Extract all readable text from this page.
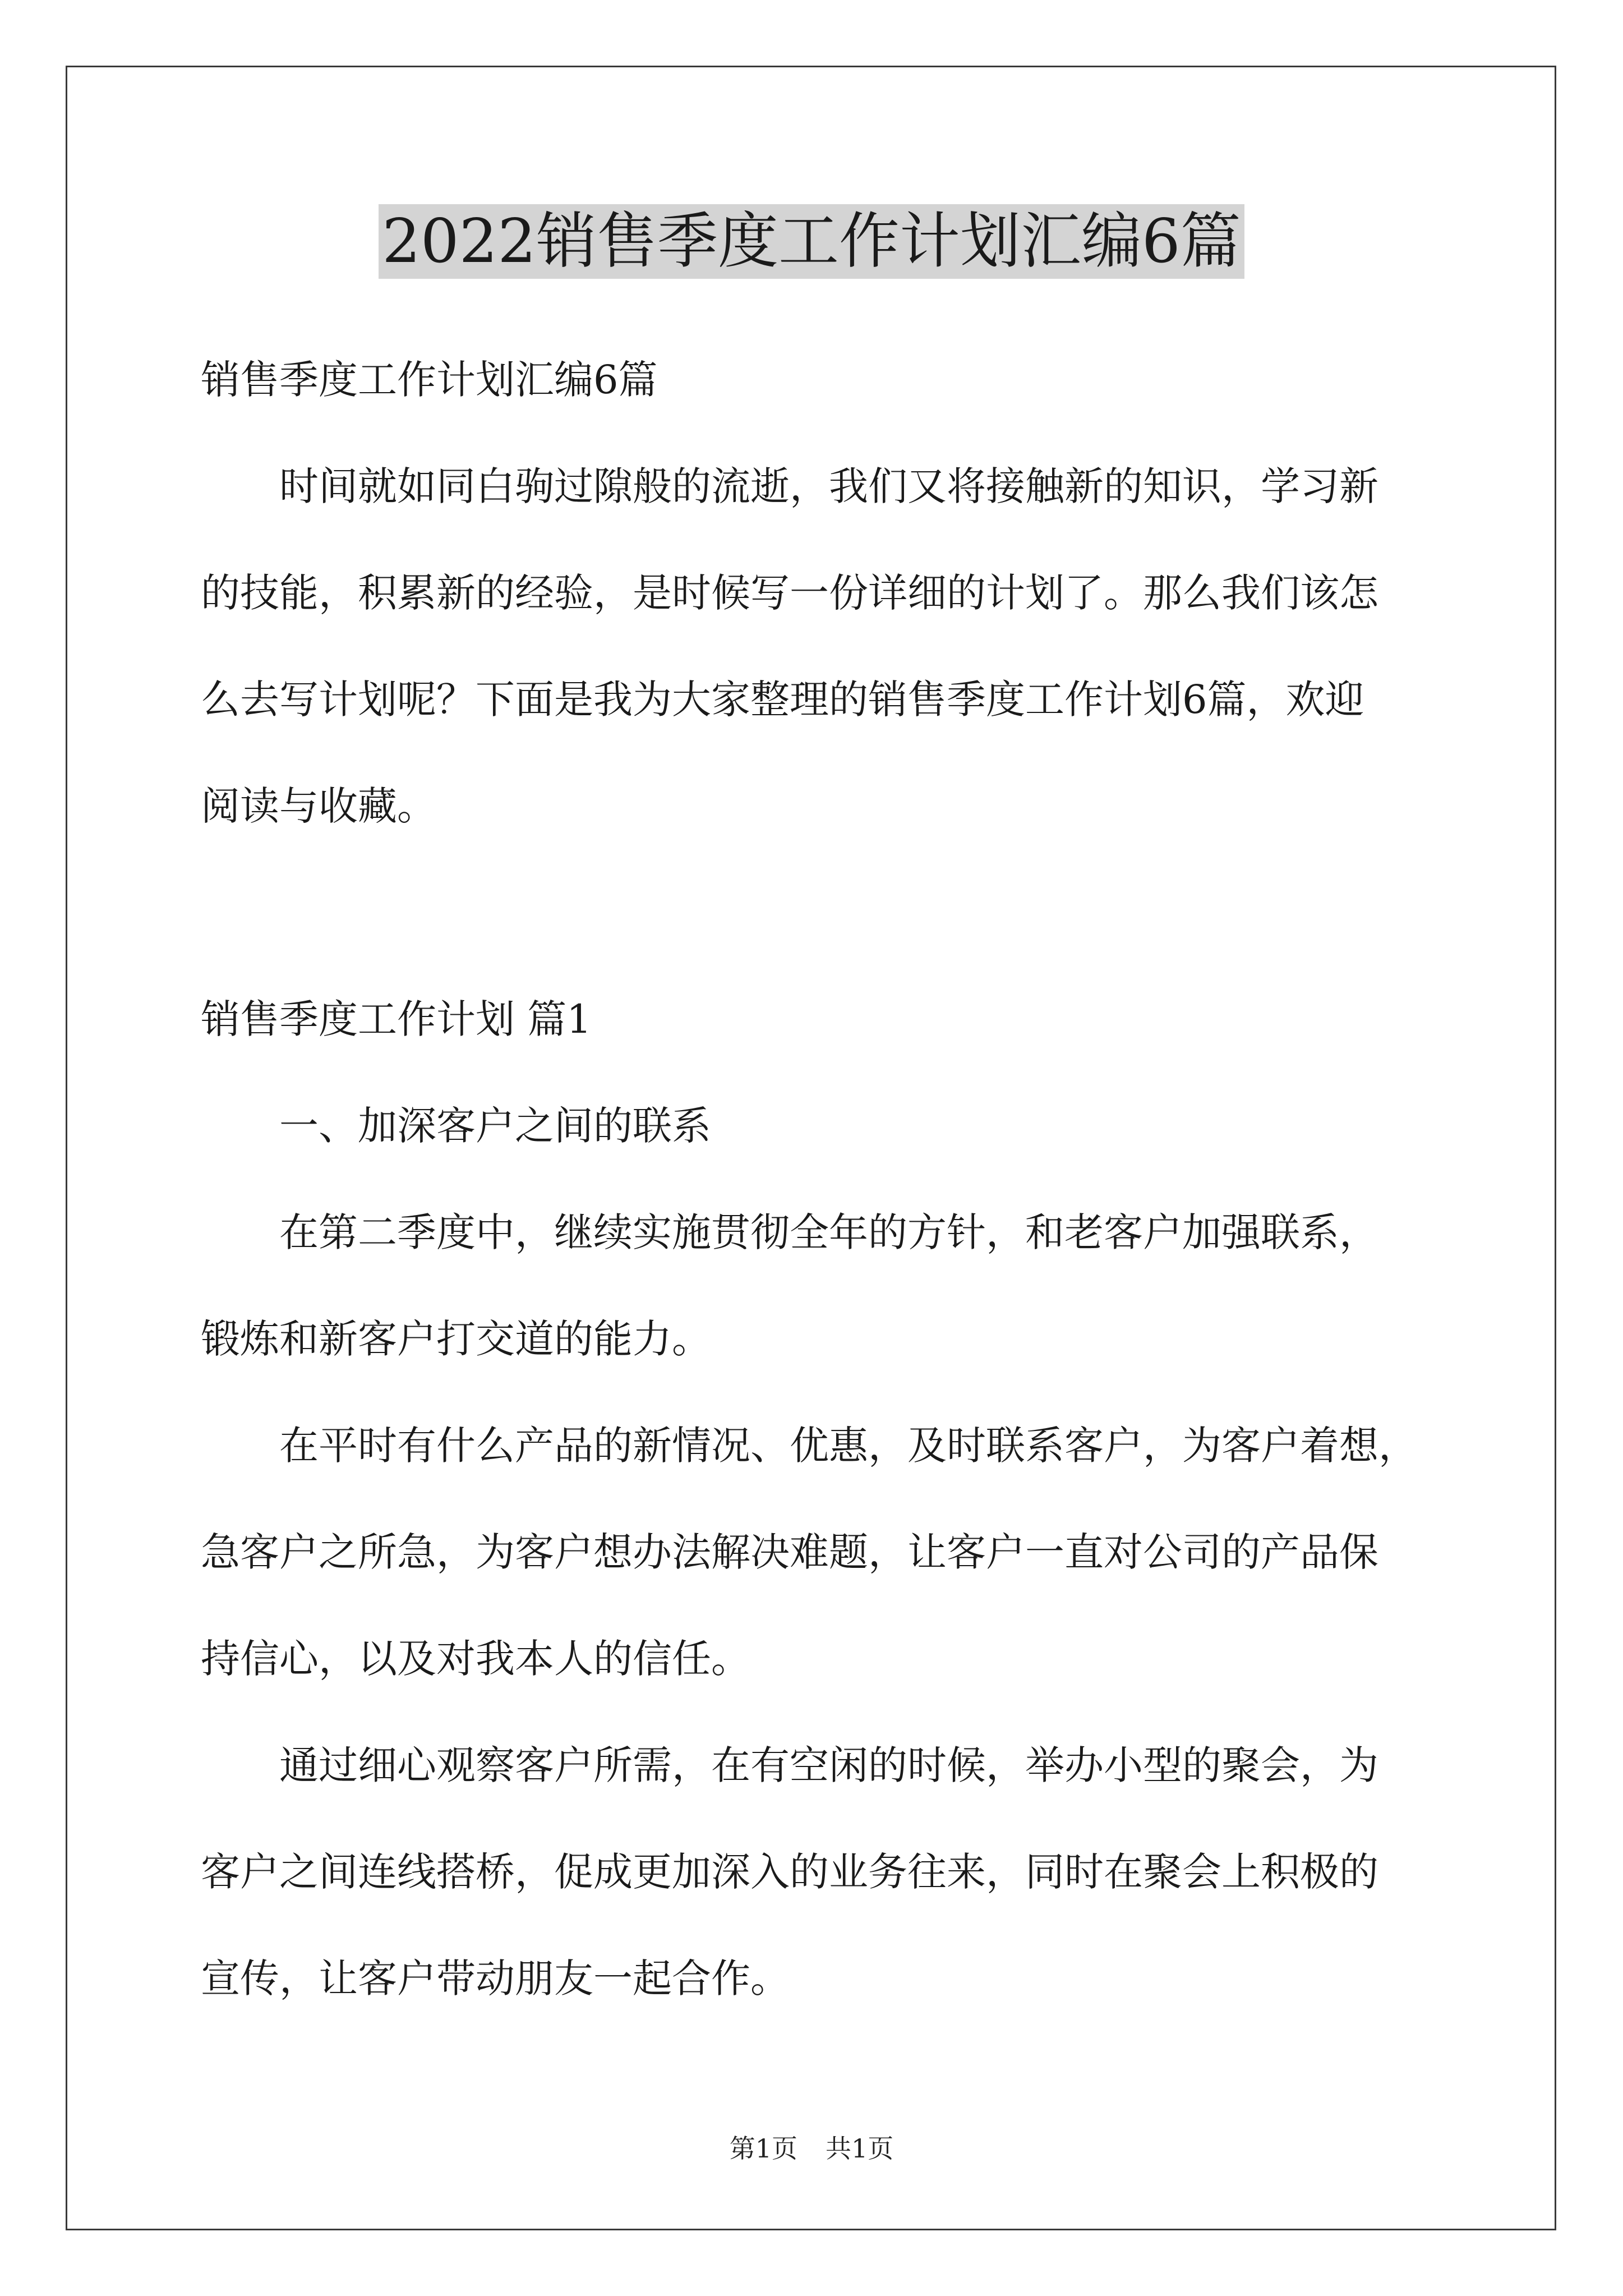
2022销售季度工作计划汇编6篇

销售季度工作计划汇编6篇

时间就如同白驹过隙般的流逝，我们又将接触新的知识，学习新

的技能，积累新的经验，是时候写一份详细的计划了。那么我们该怎

么去写计划呢？下面是我为大家整理的销售季度工作计划6篇，欢迎

阅读与收藏。

销售季度工作计划 篇1

一、加深客户之间的联系

在第二季度中，继续实施贯彻全年的方针，和老客户加强联系，

锻炼和新客户打交道的能力。

在平时有什么产品的新情况、优惠，及时联系客户，为客户着想，

急客户之所急，为客户想办法解决难题，让客户一直对公司的产品保

持信心，以及对我本人的信任。

通过细心观察客户所需，在有空闲的时候，举办小型的聚会，为

客户之间连线搭桥，促成更加深入的业务往来，同时在聚会上积极的

宣传，让客户带动朋友一起合作。

第1页 共1页
